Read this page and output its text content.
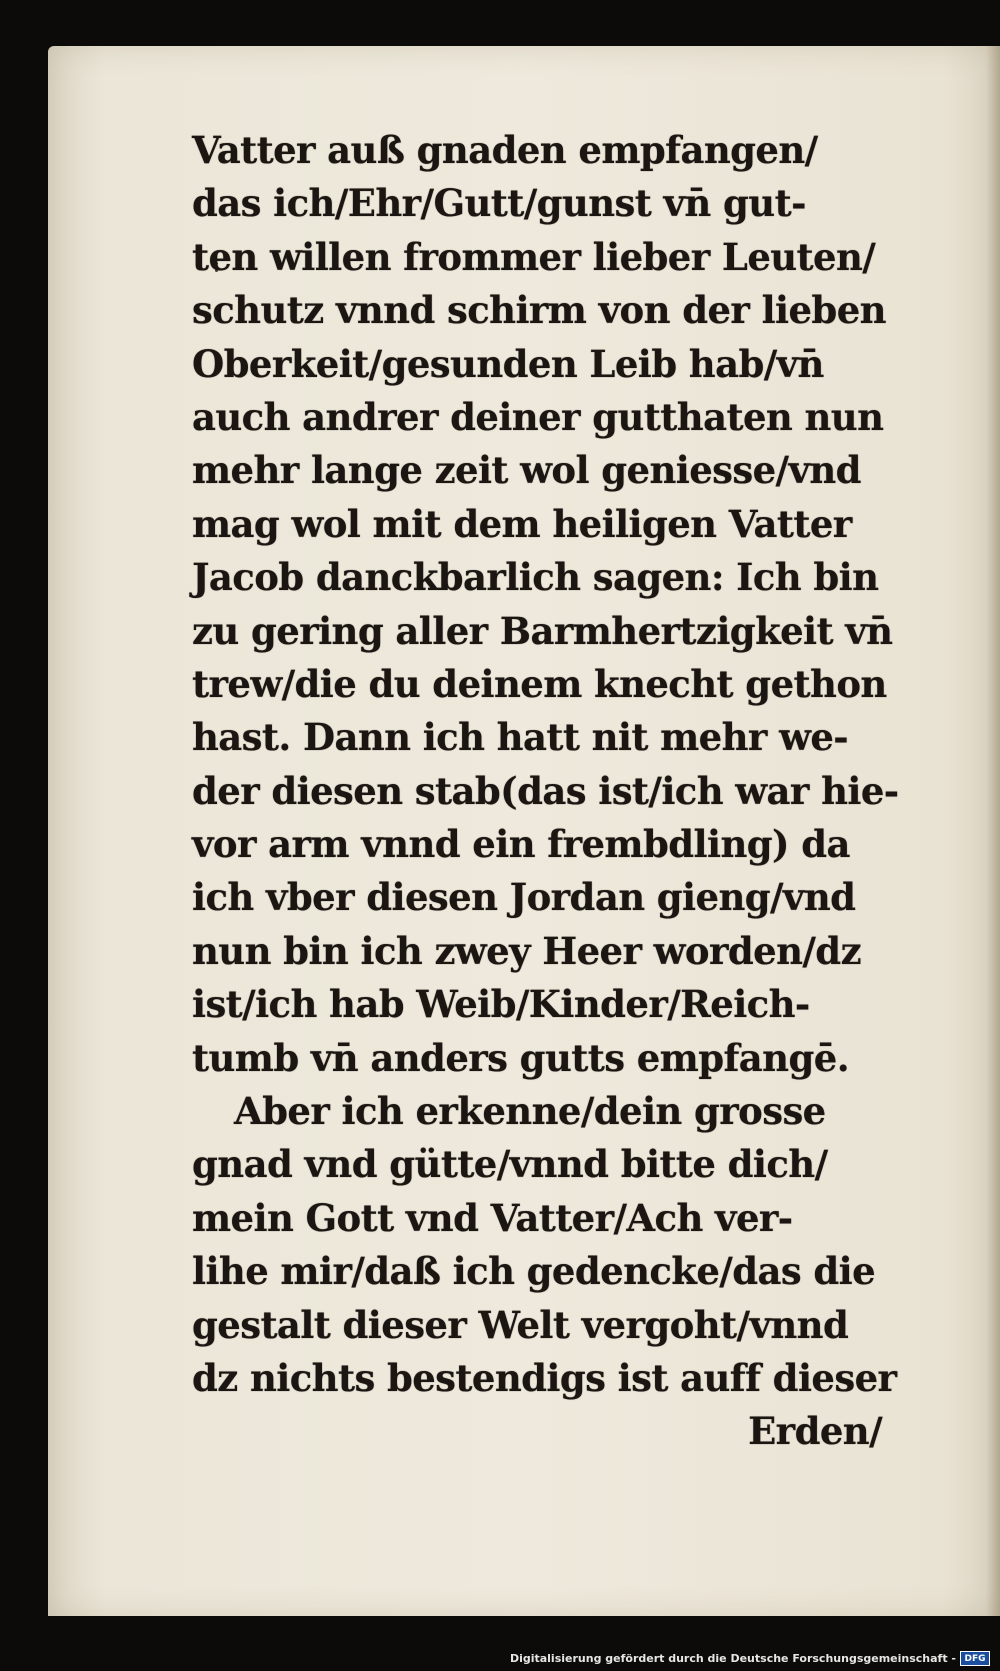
Vatter auß gnaden empfangen/
das ich/Ehr/Gutt/gunst vn̄ gut-
ten willen frommer lieber Leuten/
schutz vnnd schirm von der lieben
Oberkeit/gesunden Leib hab/vn̄
auch andrer deiner gutthaten nun
mehr lange zeit wol geniesse/vnd
mag wol mit dem heiligen Vatter
Jacob danckbarlich sagen: Ich bin
zu gering aller Barmhertzigkeit vn̄
trew/die du deinem knecht gethon
hast. Dann ich hatt nit mehr we-
der diesen stab(das ist/ich war hie-
vor arm vnnd ein frembdling) da
ich vber diesen Jordan gieng/vnd
nun bin ich zwey Heer worden/dz
ist/ich hab Weib/Kinder/Reich-
tumb vn̄ anders gutts empfangē.
Aber ich erkenne/dein grosse
gnad vnd gütte/vnnd bitte dich/
mein Gott vnd Vatter/Ach ver-
lihe mir/daß ich gedencke/das die
gestalt dieser Welt vergoht/vnnd
dz nichts bestendigs ist auff dieser
Erden/
Digitalisierung gefördert durch die Deutsche Forschungsgemeinschaft - DFG
